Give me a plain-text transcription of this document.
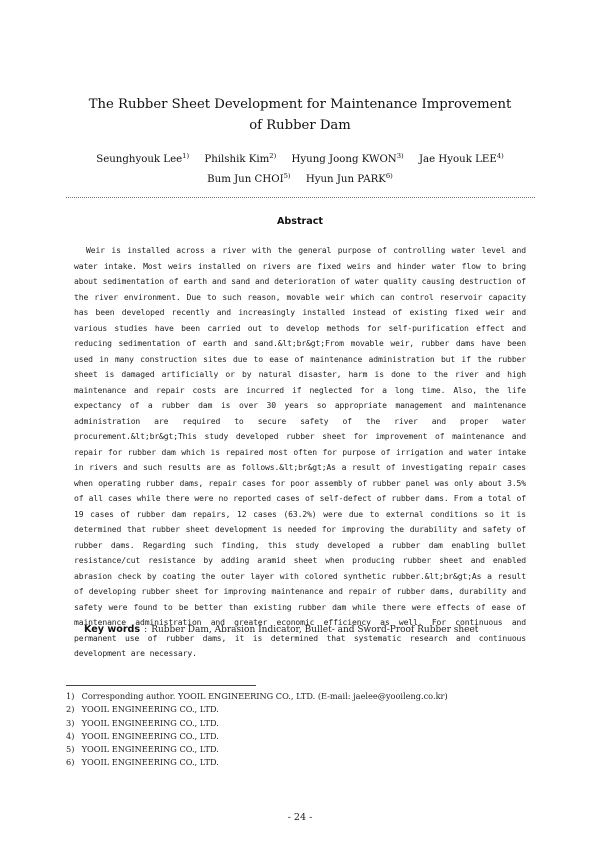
The Rubber Sheet Development for Maintenance Improvement
of Rubber Dam
Seunghyouk Lee$^{1)}$ Philshik Kim$^{2)}$ Hyung Joong KWON$^{3)}$ Jae Hyouk LEE$^{4)}$
Bum Jun CHOI$^{5)}$ Hyun Jun PARK$^{6)}$
Abstract

Weir is installed across a river with the general purpose of controlling water level and water intake. Most weirs installed on rivers are fixed weirs and hinder water flow to bring about sedimentation of earth and sand and deterioration of water quality causing destruction of the river environment. Due to such reason, movable weir which can control reservoir capacity has been developed recently and increasingly installed instead of existing fixed weir and various studies have been carried out to develop methods for self-purification effect and reducing sedimentation of earth and sand.&lt;br&gt;From movable weir, rubber dams have been used in many construction sites due to ease of maintenance administration but if the rubber sheet is damaged artificially or by natural disaster, harm is done to the river and high maintenance and repair costs are incurred if neglected for a long time. Also, the life expectancy of a rubber dam is over 30 years so appropriate management and maintenance administration are required to secure safety of the river and proper water procurement.&lt;br&gt;This study developed rubber sheet for improvement of maintenance and repair for rubber dam which is repaired most often for purpose of irrigation and water intake in rivers and such results are as follows.&lt;br&gt;As a result of investigating repair cases when operating rubber dams, repair cases for poor assembly of rubber panel was only about 3.5% of all cases while there were no reported cases of self-defect of rubber dams. From a total of 19 cases of rubber dam repairs, 12 cases (63.2%) were due to external conditions so it is determined that rubber sheet development is needed for improving the durability and safety of rubber dams. Regarding such finding, this study developed a rubber dam enabling bullet resistance/cut resistance by adding aramid sheet when producing rubber sheet and enabled abrasion check by coating the outer layer with colored synthetic rubber.&lt;br&gt;As a result of developing rubber sheet for improving maintenance and repair of rubber dams, durability and safety were found to be better than existing rubber dam while there were effects of ease of maintenance administration and greater economic efficiency as well. For continuous and permanent use of rubber dams, it is determined that systematic research and continuous development are necessary.

Key words : Rubber Dam, Abrasion Indicator, Bullet- and Sword-Proof Rubber sheet
1) Corresponding author. YOOIL ENGINEERING CO., LTD. (E-mail: jaelee@yooileng.co.kr)
2) YOOIL ENGINEERING CO., LTD.
3) YOOIL ENGINEERING CO., LTD.
4) YOOIL ENGINEERING CO., LTD.
5) YOOIL ENGINEERING CO., LTD.
6) YOOIL ENGINEERING CO., LTD.
- 24 -
